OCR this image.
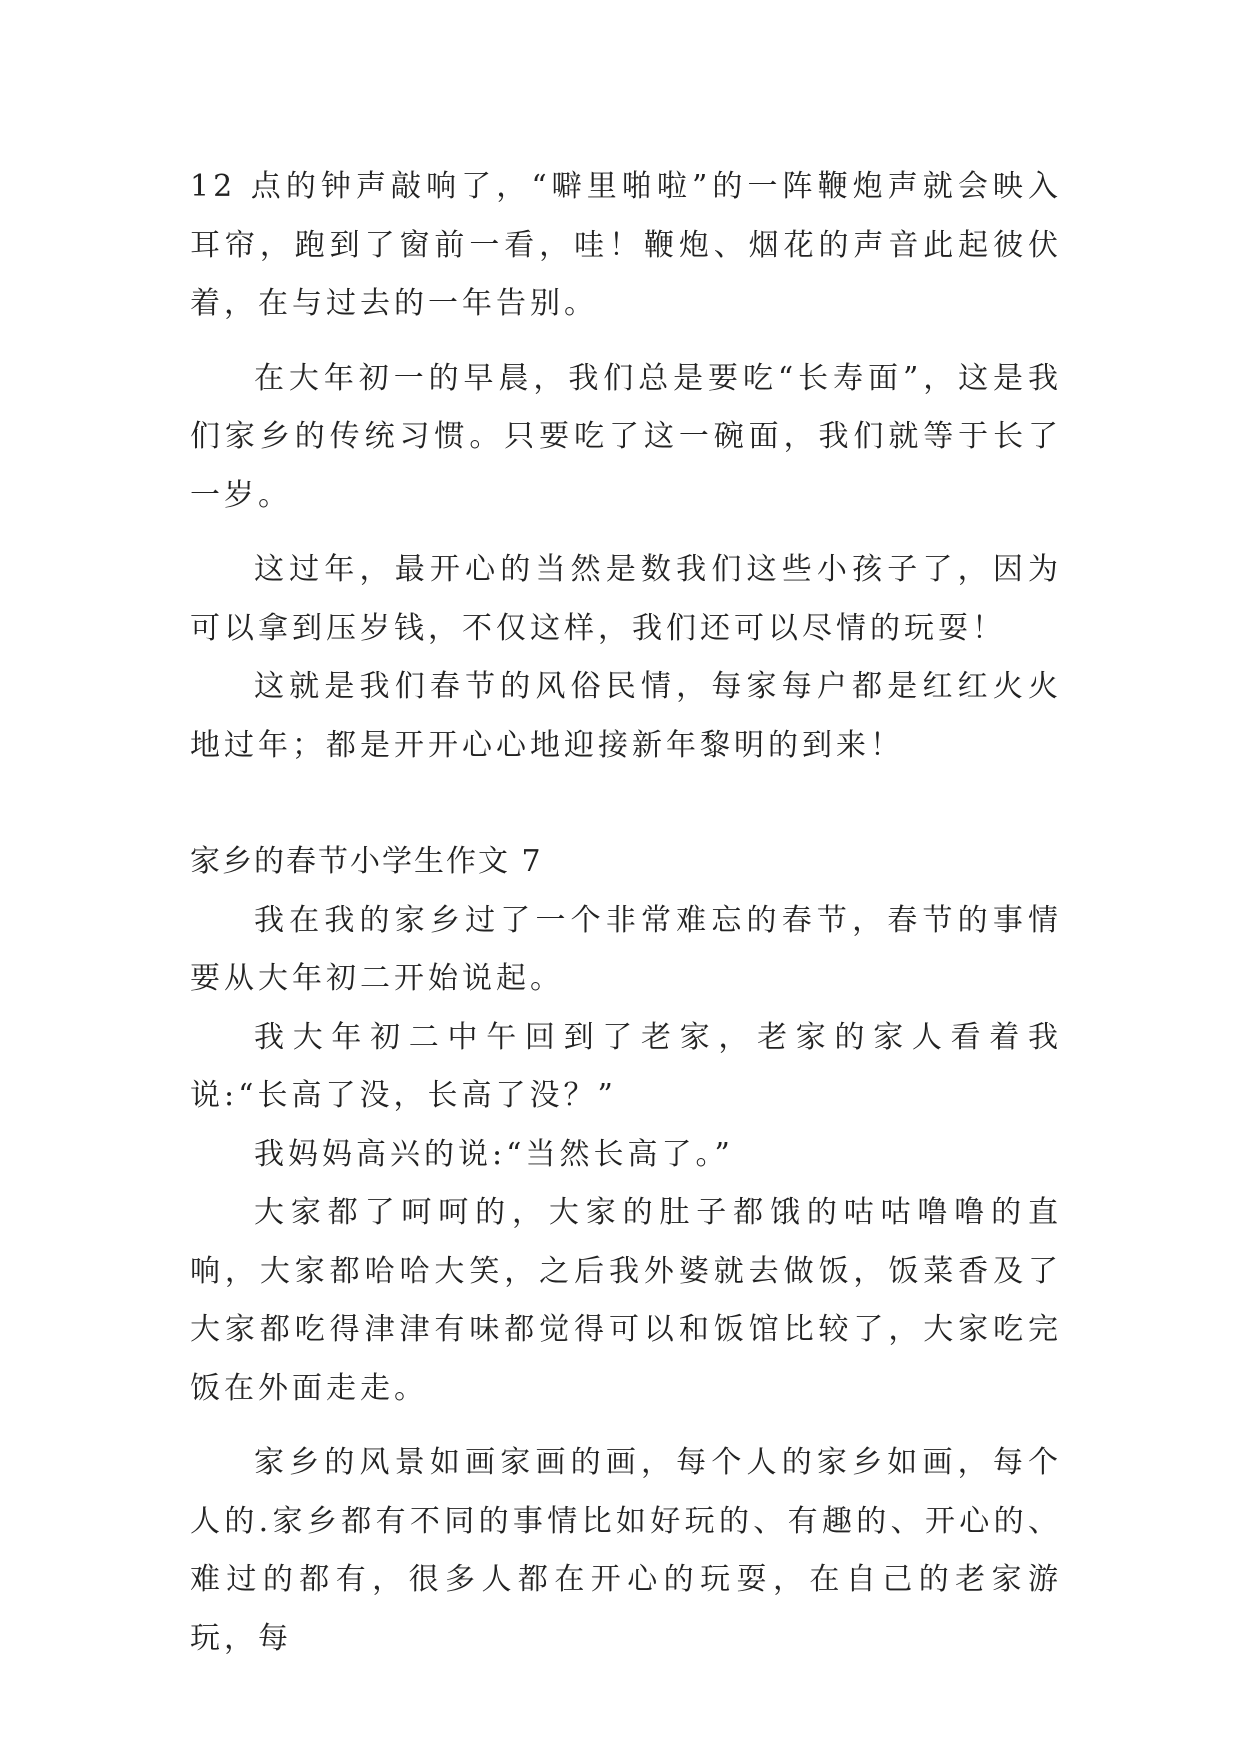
12 点的钟声敲响了，“噼里啪啦”的一阵鞭炮声就会映入耳帘，跑到了窗前一看，哇！鞭炮、烟花的声音此起彼伏着，在与过去的一年告别。

在大年初一的早晨，我们总是要吃“长寿面”，这是我们家乡的传统习惯。只要吃了这一碗面，我们就等于长了一岁。

这过年，最开心的当然是数我们这些小孩子了，因为可以拿到压岁钱，不仅这样，我们还可以尽情的玩耍！

这就是我们春节的风俗民情，每家每户都是红红火火地过年；都是开开心心地迎接新年黎明的到来！

家乡的春节小学生作文 7

我在我的家乡过了一个非常难忘的春节，春节的事情要从大年初二开始说起。

我大年初二中午回到了老家，老家的家人看着我说:“长高了没，长高了没？”

我妈妈高兴的说:“当然长高了。”

大家都了呵呵的，大家的肚子都饿的咕咕噜噜的直响，大家都哈哈大笑，之后我外婆就去做饭，饭菜香及了大家都吃得津津有味都觉得可以和饭馆比较了，大家吃完饭在外面走走。

家乡的风景如画家画的画，每个人的家乡如画，每个人的.家乡都有不同的事情比如好玩的、有趣的、开心的、难过的都有，很多人都在开心的玩耍，在自己的老家游玩，每
